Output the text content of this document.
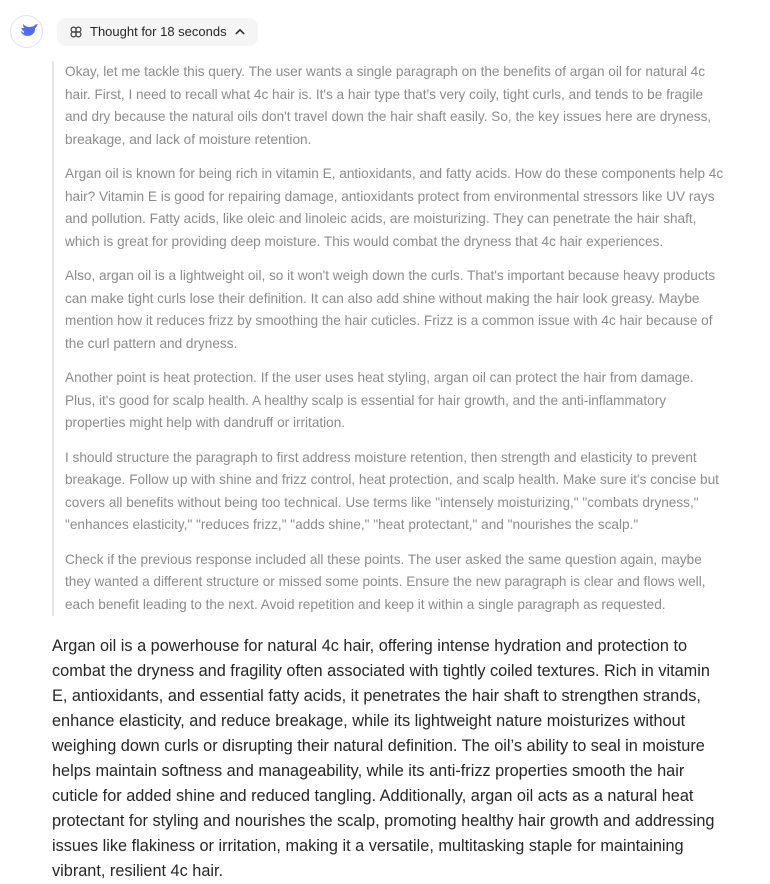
Thought for 18 seconds

Okay, let me tackle this query. The user wants a single paragraph on the benefits of argan oil for natural 4c hair. First, I need to recall what 4c hair is. It's a hair type that's very coily, tight curls, and tends to be fragile and dry because the natural oils don't travel down the hair shaft easily. So, the key issues here are dryness, breakage, and lack of moisture retention.

Argan oil is known for being rich in vitamin E, antioxidants, and fatty acids. How do these components help 4c hair? Vitamin E is good for repairing damage, antioxidants protect from environmental stressors like UV rays and pollution. Fatty acids, like oleic and linoleic acids, are moisturizing. They can penetrate the hair shaft, which is great for providing deep moisture. This would combat the dryness that 4c hair experiences.

Also, argan oil is a lightweight oil, so it won't weigh down the curls. That's important because heavy products can make tight curls lose their definition. It can also add shine without making the hair look greasy. Maybe mention how it reduces frizz by smoothing the hair cuticles. Frizz is a common issue with 4c hair because of the curl pattern and dryness.

Another point is heat protection. If the user uses heat styling, argan oil can protect the hair from damage. Plus, it's good for scalp health. A healthy scalp is essential for hair growth, and the anti-inflammatory properties might help with dandruff or irritation.

I should structure the paragraph to first address moisture retention, then strength and elasticity to prevent breakage. Follow up with shine and frizz control, heat protection, and scalp health. Make sure it's concise but covers all benefits without being too technical. Use terms like "intensely moisturizing," "combats dryness," "enhances elasticity," "reduces frizz," "adds shine," "heat protectant," and "nourishes the scalp."

Check if the previous response included all these points. The user asked the same question again, maybe they wanted a different structure or missed some points. Ensure the new paragraph is clear and flows well, each benefit leading to the next. Avoid repetition and keep it within a single paragraph as requested.

Argan oil is a powerhouse for natural 4c hair, offering intense hydration and protection to combat the dryness and fragility often associated with tightly coiled textures. Rich in vitamin E, antioxidants, and essential fatty acids, it penetrates the hair shaft to strengthen strands, enhance elasticity, and reduce breakage, while its lightweight nature moisturizes without weighing down curls or disrupting their natural definition. The oil’s ability to seal in moisture helps maintain softness and manageability, while its anti-frizz properties smooth the hair cuticle for added shine and reduced tangling. Additionally, argan oil acts as a natural heat protectant for styling and nourishes the scalp, promoting healthy hair growth and addressing issues like flakiness or irritation, making it a versatile, multitasking staple for maintaining vibrant, resilient 4c hair.
